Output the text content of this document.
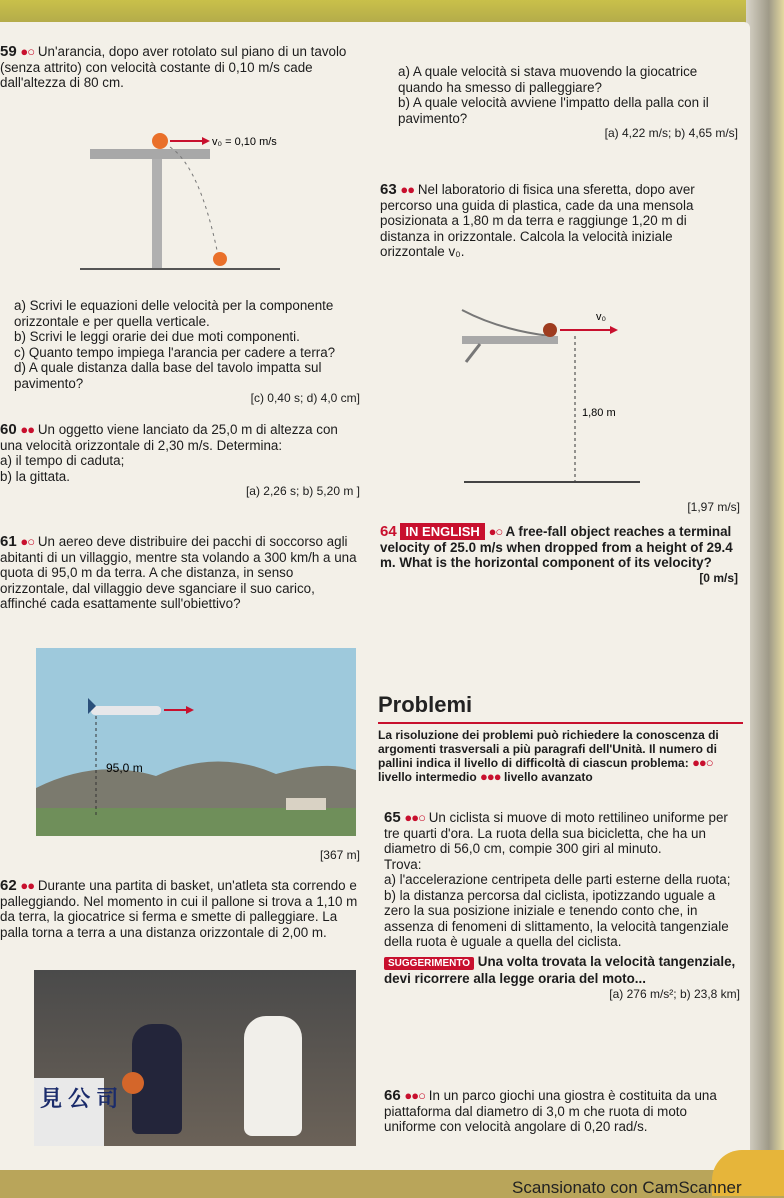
59 ●○ Un'arancia, dopo aver rotolato sul piano di un tavolo (senza attrito) con velocità costante di 0,10 m/s cade dall'altezza di 80 cm.

v₀ = 0,10 m/s

a) Scrivi le equazioni delle velocità per la componente orizzontale e per quella verticale.

b) Scrivi le leggi orarie dei due moti componenti.

c) Quanto tempo impiega l'arancia per cadere a terra?

d) A quale distanza dalla base del tavolo impatta sul pavimento?

[c) 0,40 s; d) 4,0 cm]

60 ●● Un oggetto viene lanciato da 25,0 m di altezza con una velocità orizzontale di 2,30 m/s. Determina:

a) il tempo di caduta;

b) la gittata.

[a) 2,26 s; b) 5,20 m ]

61 ●○ Un aereo deve distribuire dei pacchi di soccorso agli abitanti di un villaggio, mentre sta volando a 300 km/h a una quota di 95,0 m da terra. A che distanza, in senso orizzontale, dal villaggio deve sganciare il suo carico, affinché cada esattamente sull'obiettivo?

95,0 m
[367 m]

62 ●● Durante una partita di basket, un'atleta sta correndo e palleggiando. Nel momento in cui il pallone si trova a 1,10 m da terra, la giocatrice si ferma e smette di palleggiare. La palla torna a terra a una distanza orizzontale di 2,00 m.

見 公 司

a) A quale velocità si stava muovendo la giocatrice quando ha smesso di palleggiare?

b) A quale velocità avviene l'impatto della palla con il pavimento?

[a) 4,22 m/s; b) 4,65 m/s]

63 ●● Nel laboratorio di fisica una sferetta, dopo aver percorso una guida di plastica, cade da una mensola posizionata a 1,80 m da terra e raggiunge 1,20 m di distanza in orizzontale. Calcola la velocità iniziale orizzontale v₀.

v₀
1,80 m
[1,97 m/s]

64 IN ENGLISH ●○ A free-fall object reaches a terminal velocity of 25.0 m/s when dropped from a height of 29.4 m. What is the horizontal component of its velocity?

[0 m/s]

Problemi

La risoluzione dei problemi può richiedere la conoscenza di argomenti trasversali a più paragrafi dell'Unità. Il numero di pallini indica il livello di difficoltà di ciascun problema: ●●○ livello intermedio ●●● livello avanzato

65 ●●○ Un ciclista si muove di moto rettilineo uniforme per tre quarti d'ora. La ruota della sua bicicletta, che ha un diametro di 56,0 cm, compie 300 giri al minuto.

Trova:

a) l'accelerazione centripeta delle parti esterne della ruota;

b) la distanza percorsa dal ciclista, ipotizzando uguale a zero la sua posizione iniziale e tenendo conto che, in assenza di fenomeni di slittamento, la velocità tangenziale della ruota è uguale a quella del ciclista.

SUGGERIMENTO Una volta trovata la velocità tangenziale, devi ricorrere alla legge oraria del moto...

[a) 276 m/s²; b) 23,8 km]

66 ●●○ In un parco giochi una giostra è costituita da una piattaforma dal diametro di 3,0 m che ruota di moto uniforme con velocità angolare di 0,20 rad/s.

Scansionato con CamScanner
